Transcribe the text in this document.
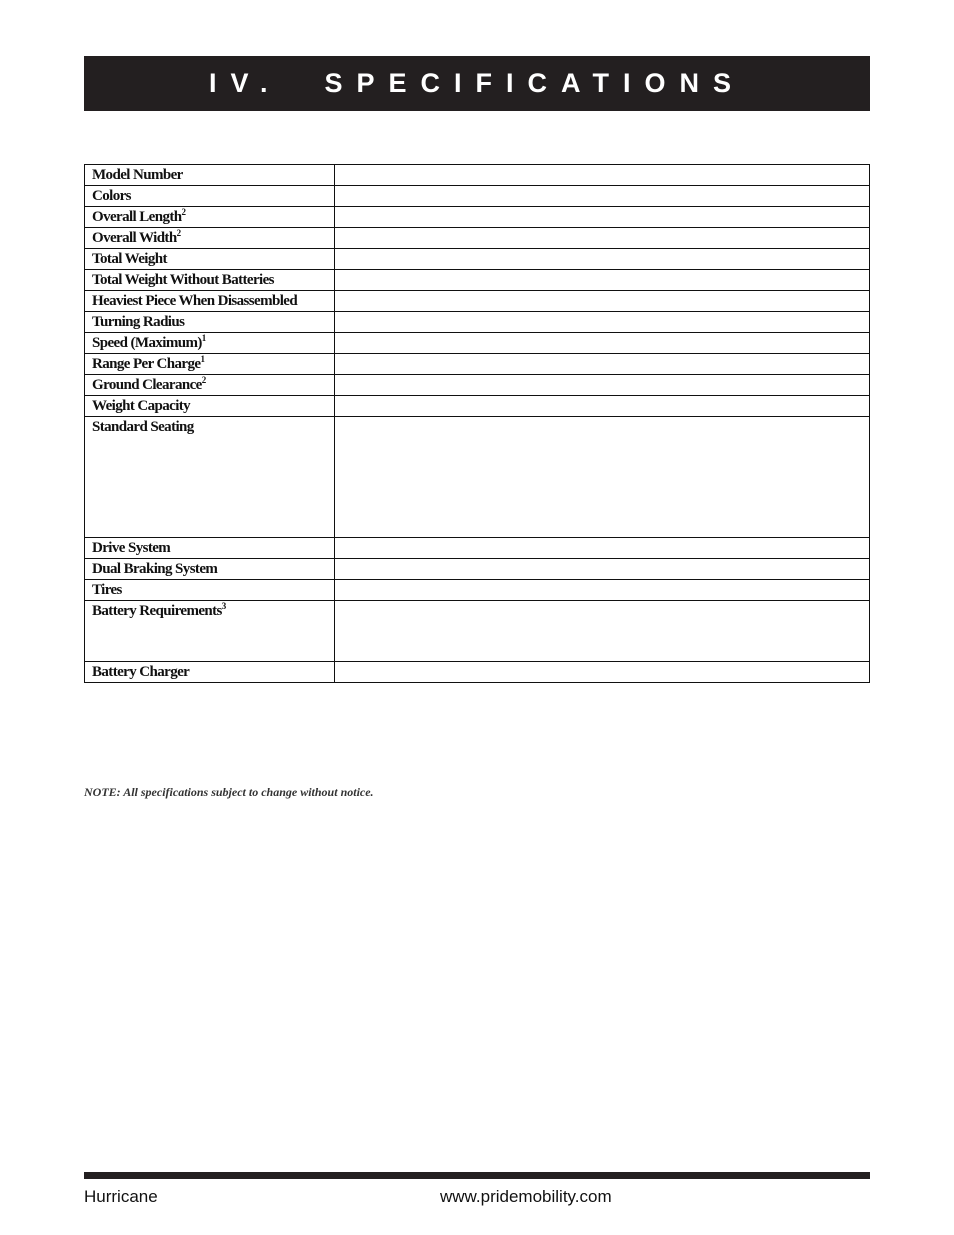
IV.  SPECIFICATIONS
Model Number	
Colors	
Overall Length$^2$	
Overall Width$^2$	
Total Weight	
Total Weight Without Batteries	
Heaviest Piece When Disassembled	
Turning Radius	
Speed (Maximum)$^1$	
Range Per Charge$^1$	
Ground Clearance$^2$	
Weight Capacity	
Standard Seating	
Drive System	
Dual Braking System	
Tires	
Battery Requirements$^3$	
Battery Charger	
NOTE: All specifications subject to change without notice.
Hurricane	www.pridemobility.com
